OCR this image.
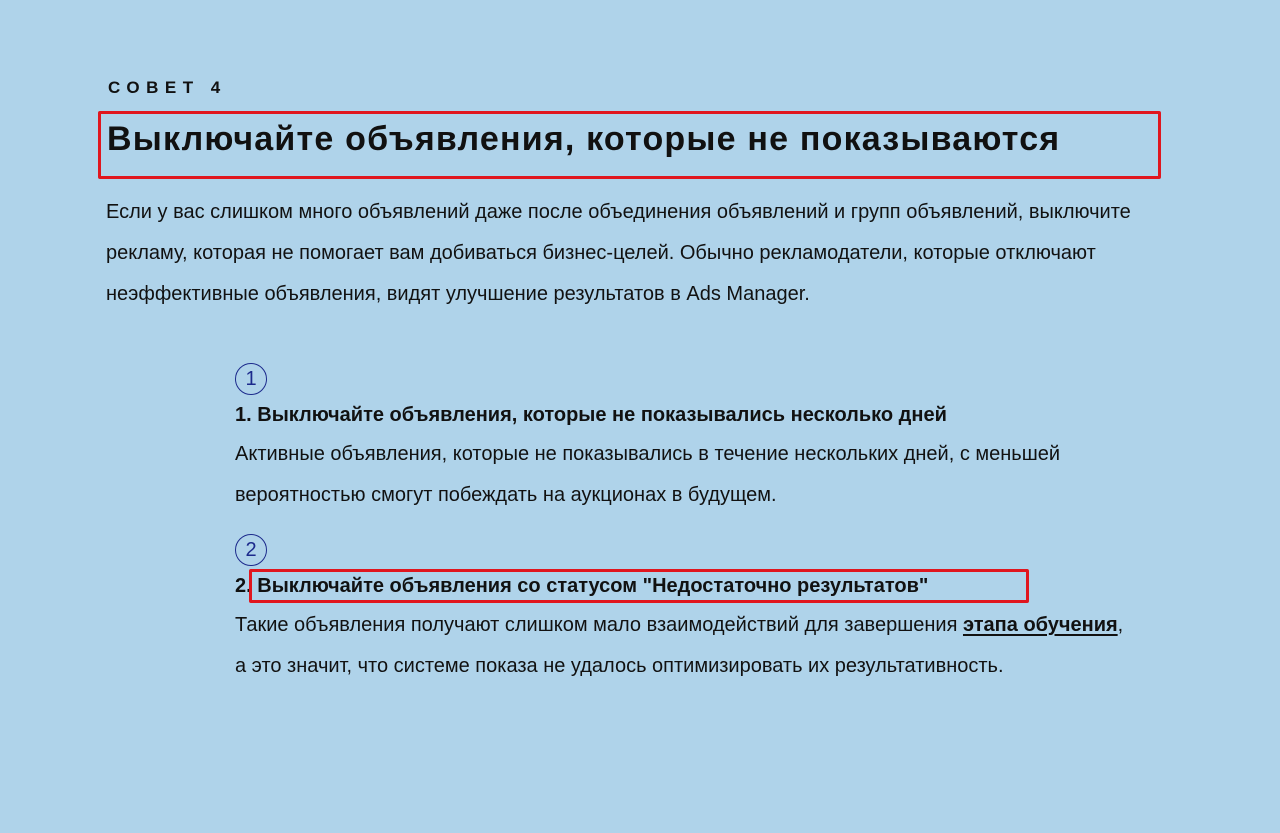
СОВЕТ 4
Выключайте объявления, которые не показываются

Если у вас слишком много объявлений даже после объединения объявлений и групп объявлений, выключите рекламу, которая не помогает вам добиваться бизнес-целей. Обычно рекламодатели, которые отключают неэффективные объявления, видят улучшение результатов в Ads Manager.

1
1. Выключайте объявления, которые не показывались несколько дней

Активные объявления, которые не показывались в течение нескольких дней, с меньшей вероятностью смогут побеждать на аукционах в будущем.

2
2. Выключайте объявления со статусом "Недостаточно результатов"

Такие объявления получают слишком мало взаимодействий для завершения этапа обучения, а это значит, что системе показа не удалось оптимизировать их результативность.
